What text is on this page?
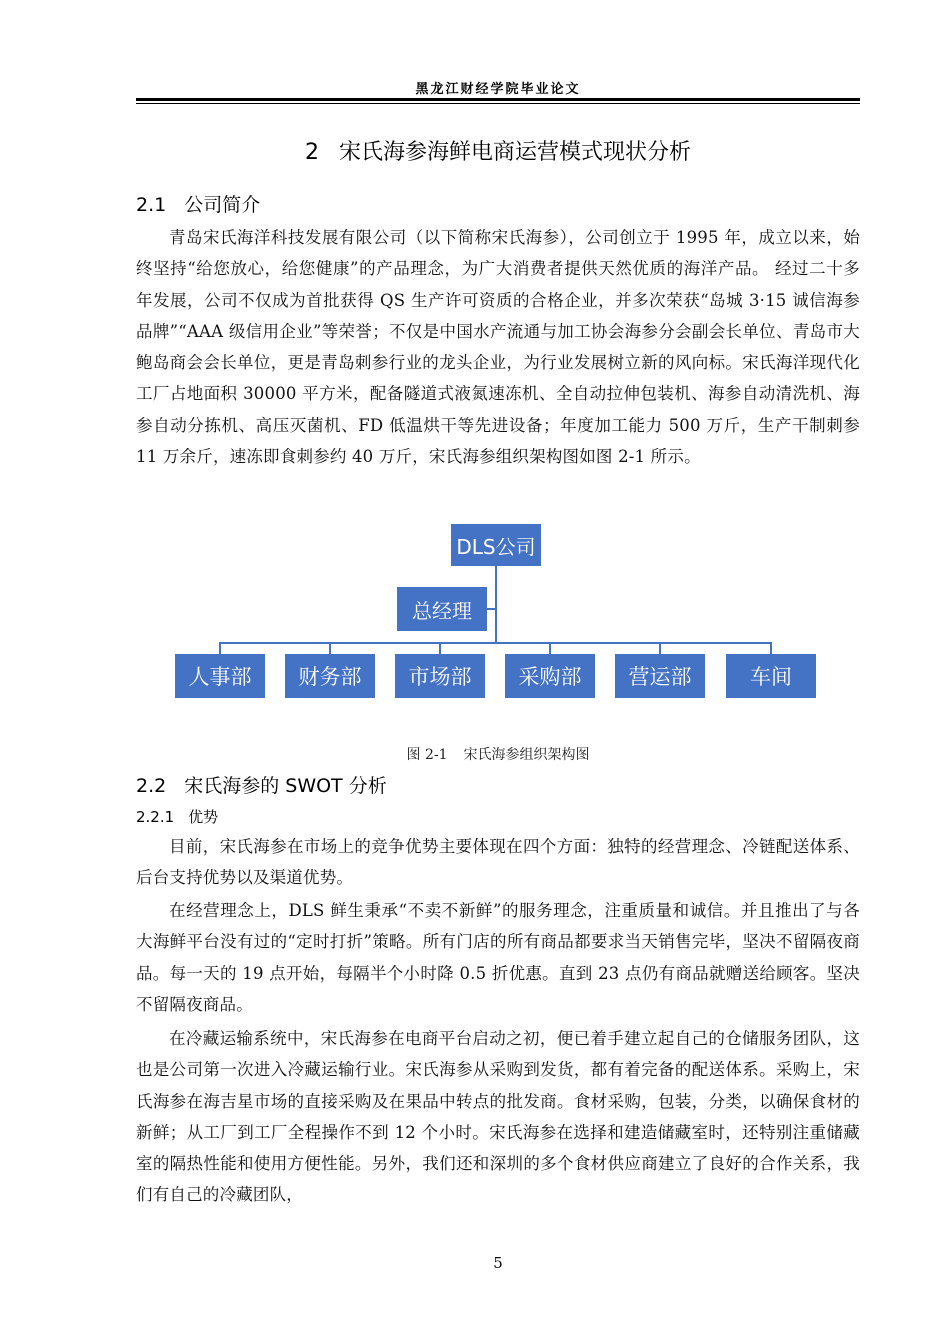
黑龙江财经学院毕业论文
2 宋氏海参海鲜电商运营模式现状分析
2.1 公司简介

青岛宋氏海洋科技发展有限公司（以下简称宋氏海参），公司创立于 1995 年，成立以来，始终坚持“给您放心，给您健康”的产品理念，为广大消费者提供天然优质的海洋产品。 经过二十多年发展，公司不仅成为首批获得 QS 生产许可资质的合格企业，并多次荣获“岛城 3·15 诚信海参品牌”“AAA 级信用企业”等荣誉；不仅是中国水产流通与加工协会海参分会副会长单位、青岛市大鲍岛商会会长单位，更是青岛刺参行业的龙头企业，为行业发展树立新的风向标。宋氏海洋现代化工厂占地面积 30000 平方米，配备隧道式液氮速冻机、全自动拉伸包装机、海参自动清洗机、海参自动分拣机、高压灭菌机、FD 低温烘干等先进设备；年度加工能力 500 万斤，生产干制刺参 11 万余斤，速冻即食刺参约 40 万斤，宋氏海参组织架构图如图 2-1 所示。

DLS公司
总经理
人事部	财务部	市场部	采购部	营运部	车间
图 2-1 宋氏海参组织架构图
2.2 宋氏海参的 SWOT 分析
2.2.1 优势

目前，宋氏海参在市场上的竞争优势主要体现在四个方面：独特的经营理念、冷链配送体系、后台支持优势以及渠道优势。

在经营理念上，DLS 鲜生秉承“不卖不新鲜”的服务理念，注重质量和诚信。并且推出了与各大海鲜平台没有过的“定时打折”策略。所有门店的所有商品都要求当天销售完毕，坚决不留隔夜商品。每一天的 19 点开始，每隔半个小时降 0.5 折优惠。直到 23 点仍有商品就赠送给顾客。坚决不留隔夜商品。

在冷藏运输系统中，宋氏海参在电商平台启动之初，便已着手建立起自己的仓储服务团队，这也是公司第一次进入冷藏运输行业。宋氏海参从采购到发货，都有着完备的配送体系。采购上，宋氏海参在海吉星市场的直接采购及在果品中转点的批发商。食材采购，包装，分类，以确保食材的新鲜；从工厂到工厂全程操作不到 12 个小时。宋氏海参在选择和建造储藏室时，还特别注重储藏室的隔热性能和使用方便性能。另外，我们还和深圳的多个食材供应商建立了良好的合作关系，我们有自己的冷藏团队，

5
